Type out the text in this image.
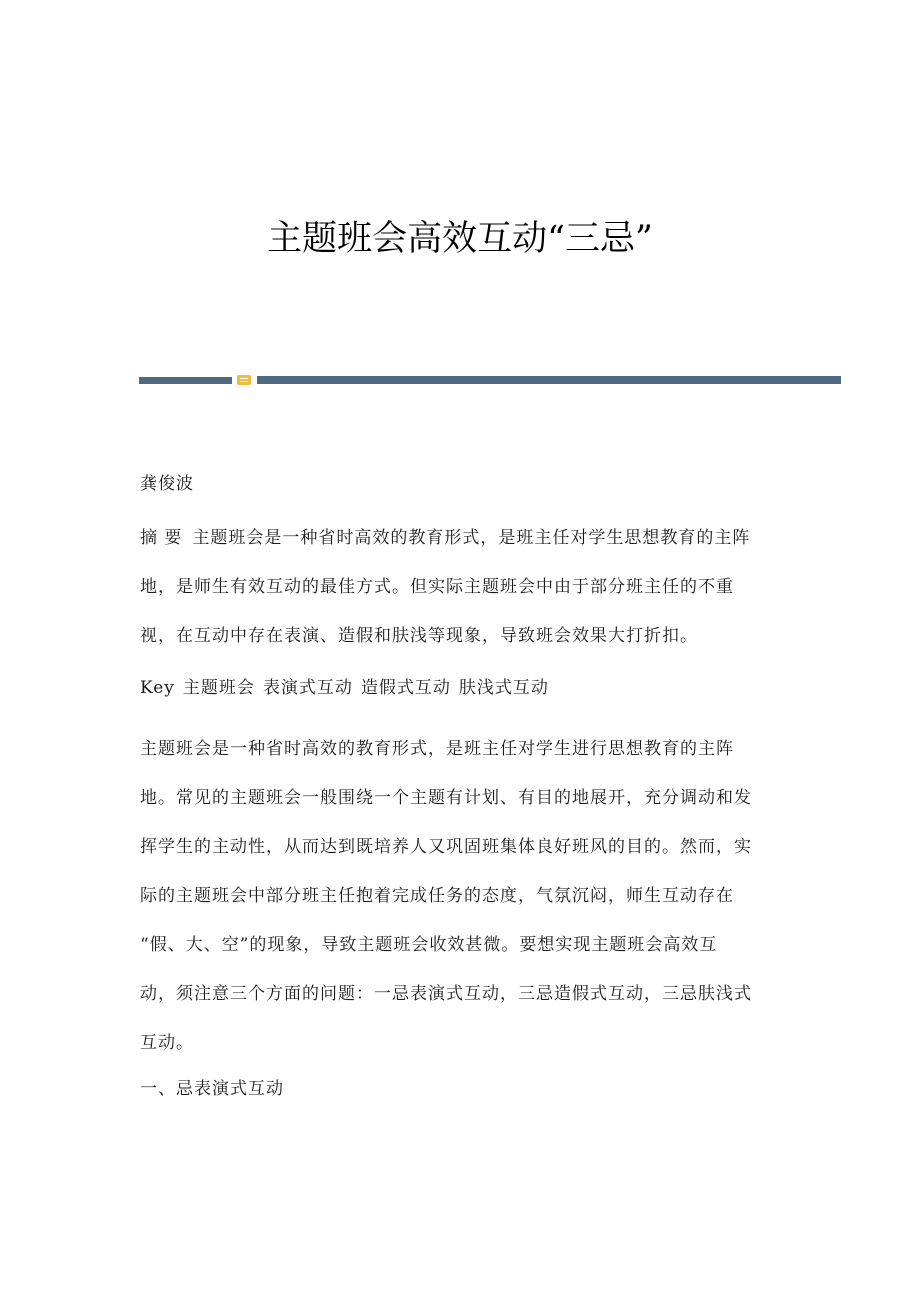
主题班会高效互动“三忌”
龚俊波
摘 要 主题班会是一种省时高效的教育形式，是班主任对学生思想教育的主阵
地，是师生有效互动的最佳方式。但实际主题班会中由于部分班主任的不重
视，在互动中存在表演、造假和肤浅等现象，导致班会效果大打折扣。
Key 主题班会 表演式互动 造假式互动 肤浅式互动
主题班会是一种省时高效的教育形式，是班主任对学生进行思想教育的主阵
地。常见的主题班会一般围绕一个主题有计划、有目的地展开，充分调动和发
挥学生的主动性，从而达到既培养人又巩固班集体良好班风的目的。然而，实
际的主题班会中部分班主任抱着完成任务的态度，气氛沉闷，师生互动存在
“假、大、空”的现象，导致主题班会收效甚微。要想实现主题班会高效互
动，须注意三个方面的问题：一忌表演式互动，三忌造假式互动，三忌肤浅式
互动。
一、忌表演式互动
